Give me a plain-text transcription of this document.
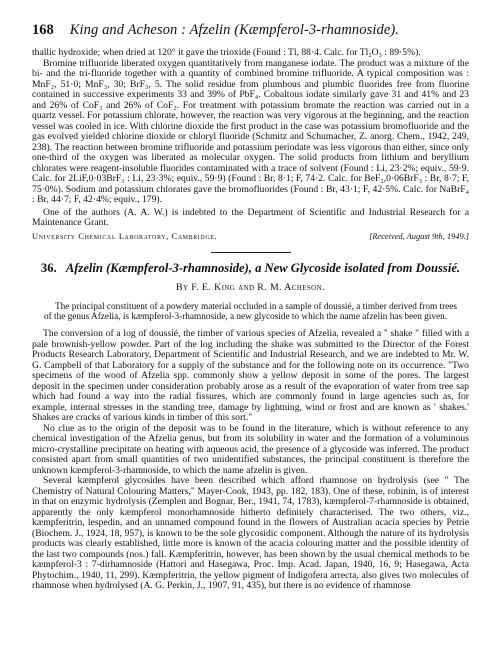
168 King and Acheson : Afzelin (Kæmpferol-3-rhamnoside).

thallic hydroxide; when dried at 120° it gave the trioxide (Found : Tl, 88·4. Calc. for Tl₂O₃ : 89·5%).

Bromine trifluoride liberated oxygen quantitatively from manganese iodate. The product was a mixture of the bi- and the tri-fluoride together with a quantity of combined bromine trifluoride. A typical composition was : MnF₂, 51·0; MnF₃, 30; BrF₃, 5. The solid residue from plumbous and plumbic fluorides free from fluorine contained in successive experiments 33 and 39% of PbF₄. Cobaltous iodate similarly gave 31 and 41% and 23 and 26% of CoF₃ and 26% of CoF₂. For treatment with potassium bromate the reaction was carried out in a quartz vessel. For potassium chlorate, however, the reaction was very vigorous at the beginning, and the reaction vessel was cooled in ice. With chlorine dioxide the first product in the case was potassium bromofluoride and the gas evolved yielded chlorine dioxide or chloryl fluoride (Schmitz and Schumacher, Z. anorg. Chem., 1942, 249, 238). The reaction between bromine trifluoride and potassium periodate was less vigorous than either, since only one-third of the oxygen was liberated as molecular oxygen. The solid products from lithium and beryllium chlorates were reagent-insoluble fluorides contaminated with a trace of solvent (Found : Li, 23·2%; equiv., 59·9. Calc. for 2LiF,0·03BrF₃ : Li, 23·3%; equiv., 59·9) (Found : Br, 8·1; F, 74·2. Calc. for BeF₂,0·06BrF₃ : Br, 8·7; F, 75·0%). Sodium and potassium chlorates gave the bromofluorides (Found : Br, 43·1; F, 42·5%. Calc. for NaBrF₄ : Br, 44·7; F, 42·4%; equiv., 179).

One of the authors (A. A. W.) is indebted to the Department of Scientific and Industrial Research for a Maintenance Grant.

University Chemical Laboratory, Cambridge.	[Received, August 9th, 1949.]
36. Afzelin (Kæmpferol-3-rhamnoside), a New Glycoside isolated from Doussié.
By F. E. King and R. M. Acheson.

The principal constituent of a powdery material occluded in a sample of doussié, a timber derived from trees of the genus Afzelia, is kæmpferol-3-rhamnoside, a new glycoside to which the name afzelin has been given.

The conversion of a log of doussié, the timber of various species of Afzelia, revealed a " shake " filled with a pale brownish-yellow powder. Part of the log including the shake was submitted to the Director of the Forest Products Research Laboratory, Department of Scientific and Industrial Research, and we are indebted to Mr. W. G. Campbell of that Laboratory for a supply of the substance and for the following note on its occurrence. "Two specimens of the wood of Afzelia spp. commonly show a yellow deposit in some of the pores. The largest deposit in the specimen under consideration probably arose as a result of the evaporation of water from tree sap which had found a way into the radial fissures, which are commonly found in large agencies such as, for example, internal stresses in the standing tree, damage by lightning, wind or frost and are known as ' shakes.' Shakes are cracks of various kinds in timber of this sort."

No clue as to the origin of the deposit was to be found in the literature, which is without reference to any chemical investigation of the Afzelia genus, but from its solubility in water and the formation of a voluminous micro-crystalline precipitate on heating with aqueous acid, the presence of a glycoside was inferred. The product consisted apart from small quantities of two unidentified substances, the principal constituent is therefore the unknown kæmpferol-3-rhamnoside, to which the name afzelin is given.

Several kæmpferol glycosides have been described which afford rhamnose on hydrolysis (see " The Chemistry of Natural Colouring Matters," Mayer-Cook, 1943, pp. 182, 183). One of these, robinin, is of interest in that on enzymic hydrolysis (Zemplen and Bognar, Ber., 1941, 74, 1783), kæmpferol-7-rhamnoside is obtained, apparently the only kæmpferol monorhamnoside hitherto definitely characterised. The two others, viz., kæmpferitrin, lespedin, and an unnamed compound found in the flowers of Australian acacia species by Petrie (Biochem. J., 1924, 18, 957), is known to be the sole glycosidic component. Although the nature of its hydrolysis products was clearly established, little more is known of the acacia colouring matter and the possible identity of the last two compounds (nos.) fall. Kæmpferitrin, however, has been shown by the usual chemical methods to be kæmpferol-3 : 7-dirhamnoside (Hattori and Hasegawa, Proc. Imp. Acad. Japan, 1940, 16, 9; Hasegawa, Acta Phytochim., 1940, 11, 299). Kæmpferitrin, the yellow pigment of Indigofera arrecta, also gives two molecules of rhamnose when hydrolysed (A. G. Perkin, J., 1907, 91, 435), but there is no evidence of rhamnose
